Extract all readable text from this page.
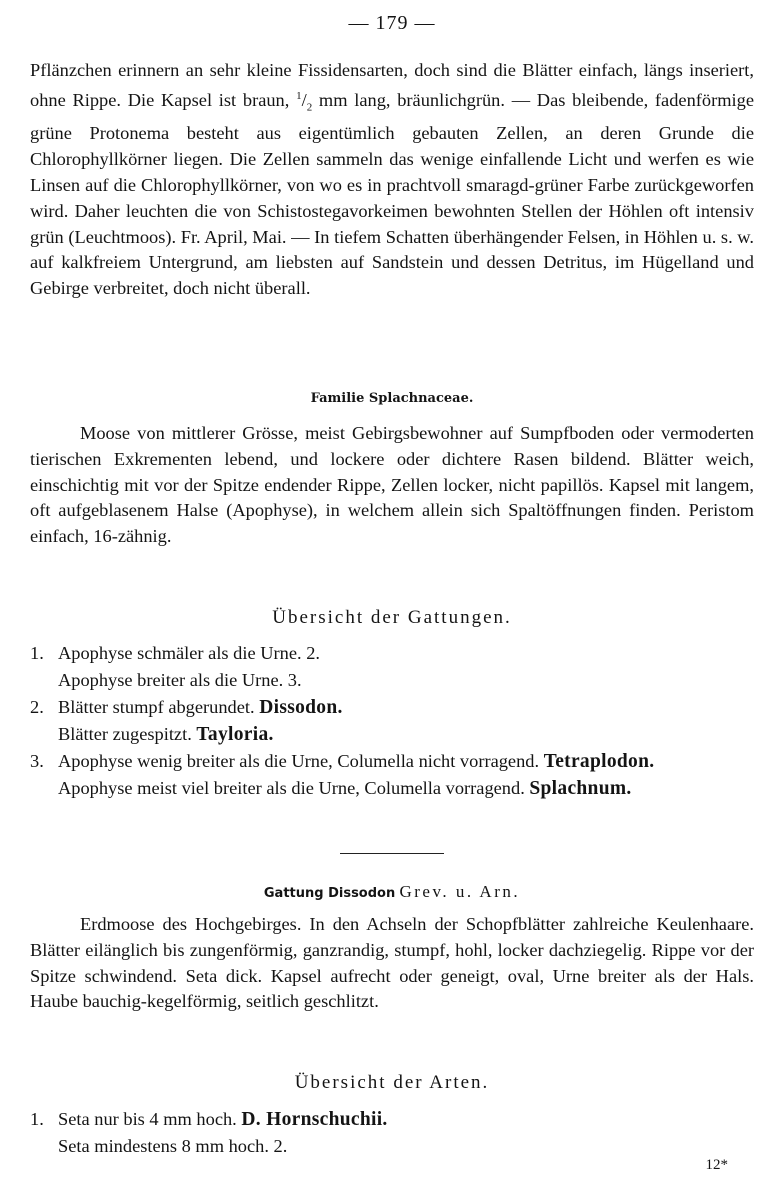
— 179 —

Pflänzchen erinnern an sehr kleine Fissidensarten, doch sind die Blätter einfach, längs inseriert, ohne Rippe. Die Kapsel ist braun, $^1/_2$ mm lang, bräunlichgrün. — Das bleibende, fadenförmige grüne Protonema besteht aus eigentümlich gebauten Zellen, an deren Grunde die Chlorophyllkörner liegen. Die Zellen sammeln das wenige einfallende Licht und werfen es wie Linsen auf die Chlorophyllkörner, von wo es in prachtvoll smaragd-grüner Farbe zurückgeworfen wird. Daher leuchten die von Schistostegavorkeimen bewohnten Stellen der Höhlen oft intensiv grün (Leuchtmoos). Fr. April, Mai. — In tiefem Schatten überhängender Felsen, in Höhlen u. s. w. auf kalkfreiem Untergrund, am liebsten auf Sandstein und dessen Detritus, im Hügelland und Gebirge verbreitet, doch nicht überall.

Familie Splachnaceae.

Moose von mittlerer Grösse, meist Gebirgsbewohner auf Sumpfboden oder vermoderten tierischen Exkrementen lebend, und lockere oder dichtere Rasen bildend. Blätter weich, einschichtig mit vor der Spitze endender Rippe, Zellen locker, nicht papillös. Kapsel mit langem, oft aufgeblasenem Halse (Apophyse), in welchem allein sich Spaltöffnungen finden. Peristom einfach, 16-zähnig.

Übersicht der Gattungen.
1. Apophyse schmäler als die Urne. 2.
Apophyse breiter als die Urne. 3.
2. Blätter stumpf abgerundet. Dissodon.
Blätter zugespitzt. Tayloria.
3. Apophyse wenig breiter als die Urne, Columella nicht vorragend. Tetraplodon.
Apophyse meist viel breiter als die Urne, Columella vorragend. Splachnum.
Gattung Dissodon Grev. u. Arn.

Erdmoose des Hochgebirges. In den Achseln der Schopfblätter zahlreiche Keulenhaare. Blätter eilänglich bis zungenförmig, ganzrandig, stumpf, hohl, locker dachziegelig. Rippe vor der Spitze schwindend. Seta dick. Kapsel aufrecht oder geneigt, oval, Urne breiter als der Hals. Haube bauchig-kegelförmig, seitlich geschlitzt.

Übersicht der Arten.
1. Seta nur bis 4 mm hoch. D. Hornschuchii.
Seta mindestens 8 mm hoch. 2.
12*
